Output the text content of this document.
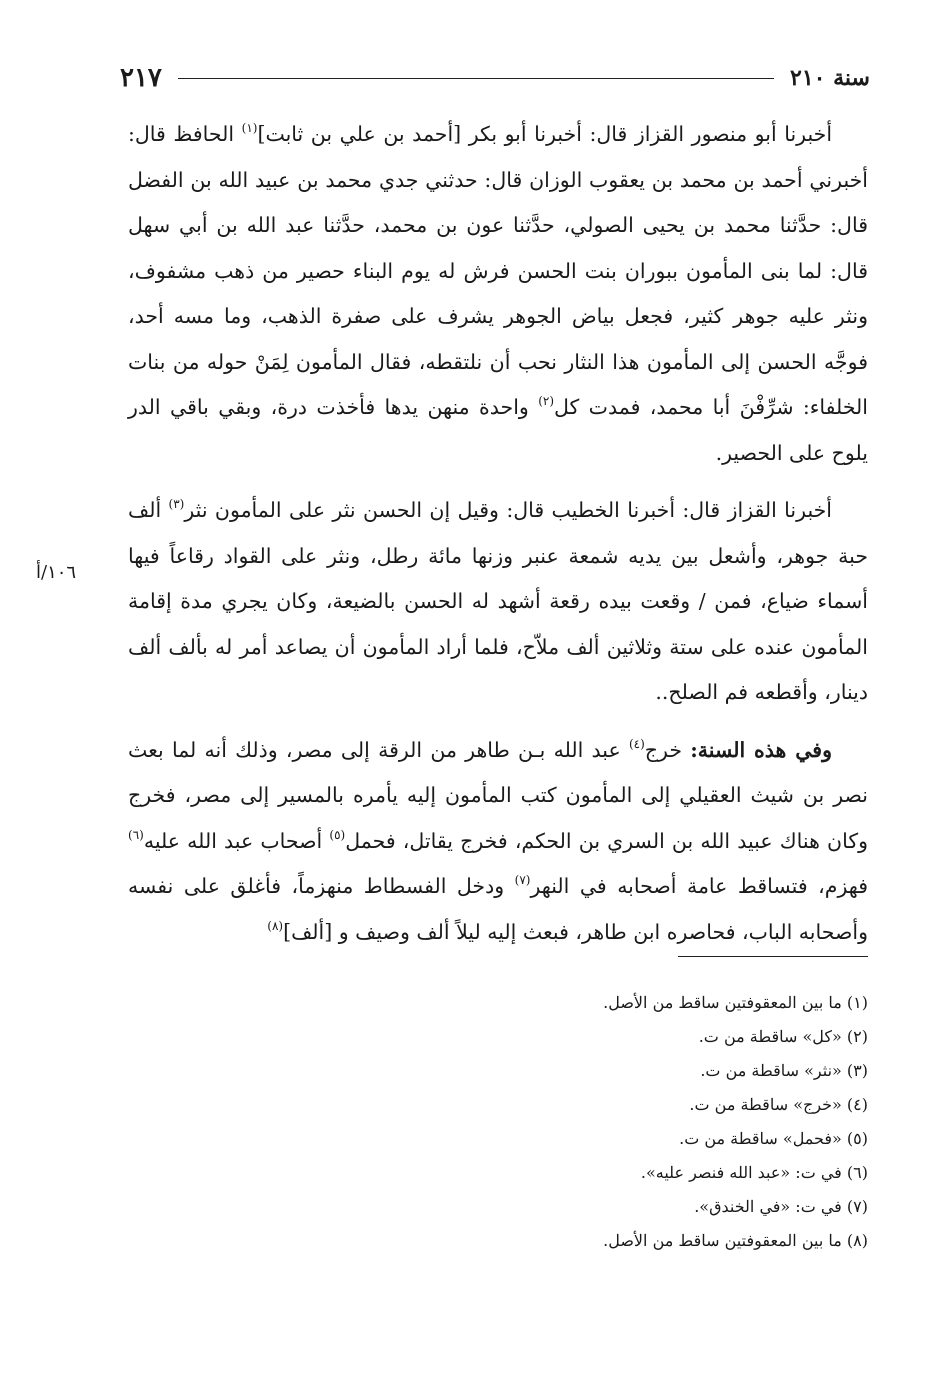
سنة ٢١٠
٢١٧
١٠٦/أ

أخبرنا أبو منصور القزاز قال: أخبرنا أبو بكر [أحمد بن علي بن ثابت]$^{(١)}$ الحافظ قال: أخبرني أحمد بن محمد بن يعقوب الوزان قال: حدثني جدي محمد بن عبيد الله بن الفضل قال: حدَّثنا محمد بن يحيى الصولي، حدَّثنا عون بن محمد، حدَّثنا عبد الله بن أبي سهل قال: لما بنى المأمون ببوران بنت الحسن فرش له يوم البناء حصير من ذهب مشفوف، ونثر عليه جوهر كثير، فجعل بياض الجوهر يشرف على صفرة الذهب، وما مسه أحد، فوجَّه الحسن إلى المأمون هذا النثار نحب أن نلتقطه، فقال المأمون لِمَنْ حوله من بنات الخلفاء: شرِّفْنَ أبا محمد، فمدت كل$^{(٢)}$ واحدة منهن يدها فأخذت درة، وبقي باقي الدر يلوح على الحصير.

أخبرنا القزاز قال: أخبرنا الخطيب قال: وقيل إن الحسن نثر على المأمون نثر$^{(٣)}$ ألف حبة جوهر، وأشعل بين يديه شمعة عنبر وزنها مائة رطل، ونثر على القواد رقاعاً فيها أسماء ضياع، فمن / وقعت بيده رقعة أشهد له الحسن بالضيعة، وكان يجري مدة إقامة المأمون عنده على ستة وثلاثين ألف ملاّح، فلما أراد المأمون أن يصاعد أمر له بألف ألف دينار، وأقطعه فم الصلح..

وفي هذه السنة: خرج$^{(٤)}$ عبد الله بـن طاهر من الرقة إلى مصر، وذلك أنه لما بعث نصر بن شيث العقيلي إلى المأمون كتب المأمون إليه يأمره بالمسير إلى مصر، فخرج وكان هناك عبيد الله بن السري بن الحكم، فخرج يقاتل، فحمل$^{(٥)}$ أصحاب عبد الله عليه$^{(٦)}$ فهزم، فتساقط عامة أصحابه في النهر$^{(٧)}$ ودخل الفسطاط منهزماً، فأغلق على نفسه وأصحابه الباب، فحاصره ابن طاهر، فبعث إليه ليلاً ألف وصيف و [ألف]$^{(٨)}$

(١) ما بين المعقوفتين ساقط من الأصل.
(٢) «كل» ساقطة من ت.
(٣) «نثر» ساقطة من ت.
(٤) «خرج» ساقطة من ت.
(٥) «فحمل» ساقطة من ت.
(٦) في ت: «عبد الله فنصر عليه».
(٧) في ت: «في الخندق».
(٨) ما بين المعقوفتين ساقط من الأصل.
